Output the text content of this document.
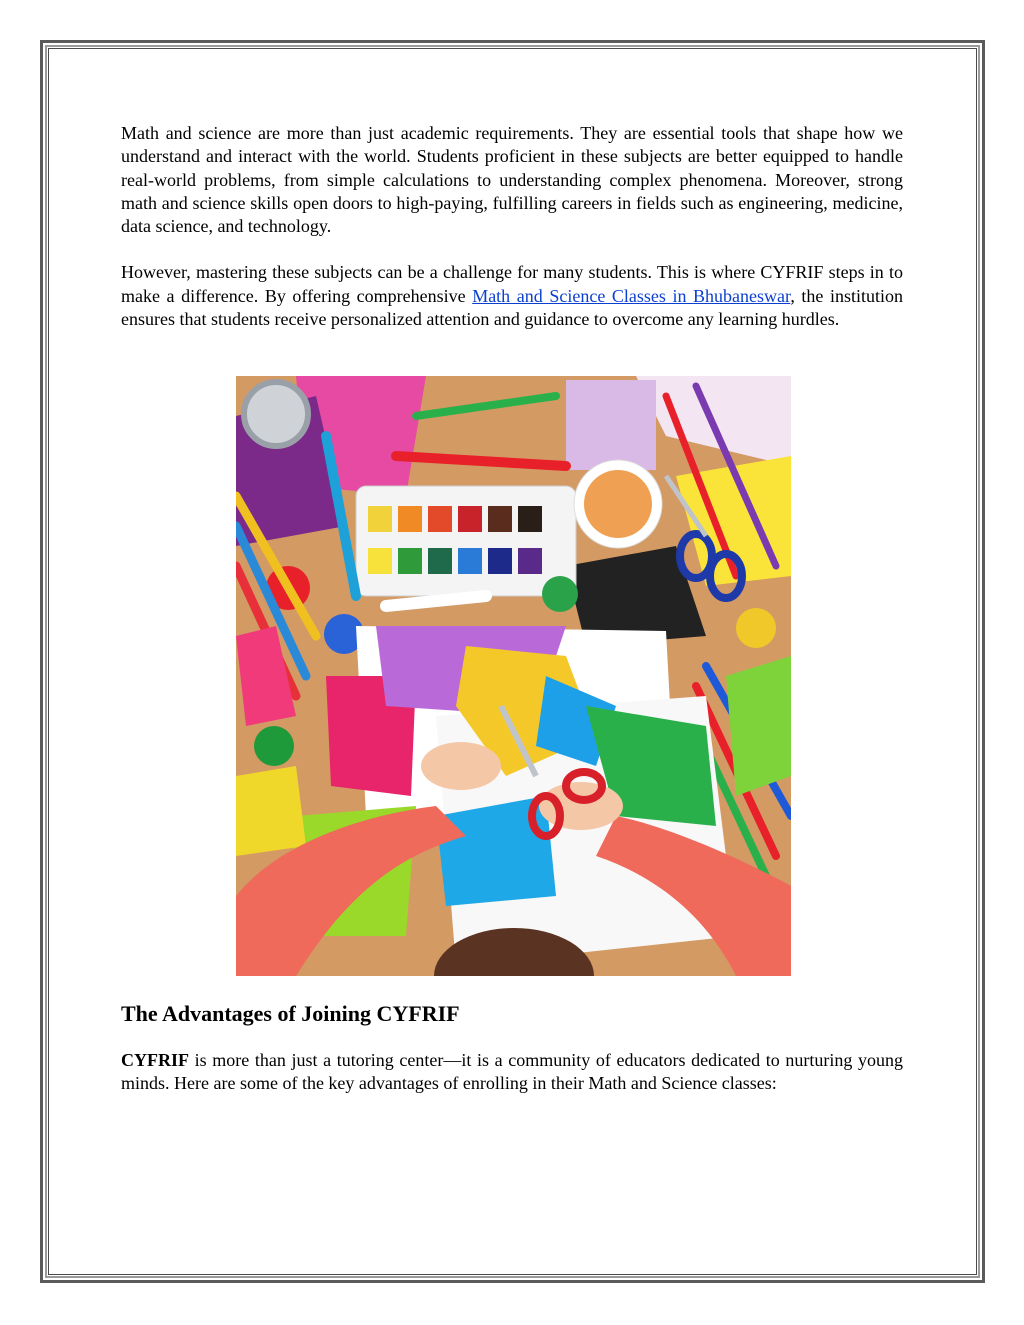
Math and science are more than just academic requirements. They are essential tools that shape how we understand and interact with the world. Students proficient in these subjects are better equipped to handle real-world problems, from simple calculations to understanding complex phenomena. Moreover, strong math and science skills open doors to high-paying, fulfilling careers in fields such as engineering, medicine, data science, and technology.

However, mastering these subjects can be a challenge for many students. This is where CYFRIF steps in to make a difference. By offering comprehensive Math and Science Classes in Bhubaneswar, the institution ensures that students receive personalized attention and guidance to overcome any learning hurdles.

The Advantages of Joining CYFRIF

CYFRIF is more than just a tutoring center—it is a community of educators dedicated to nurturing young minds. Here are some of the key advantages of enrolling in their Math and Science classes:
